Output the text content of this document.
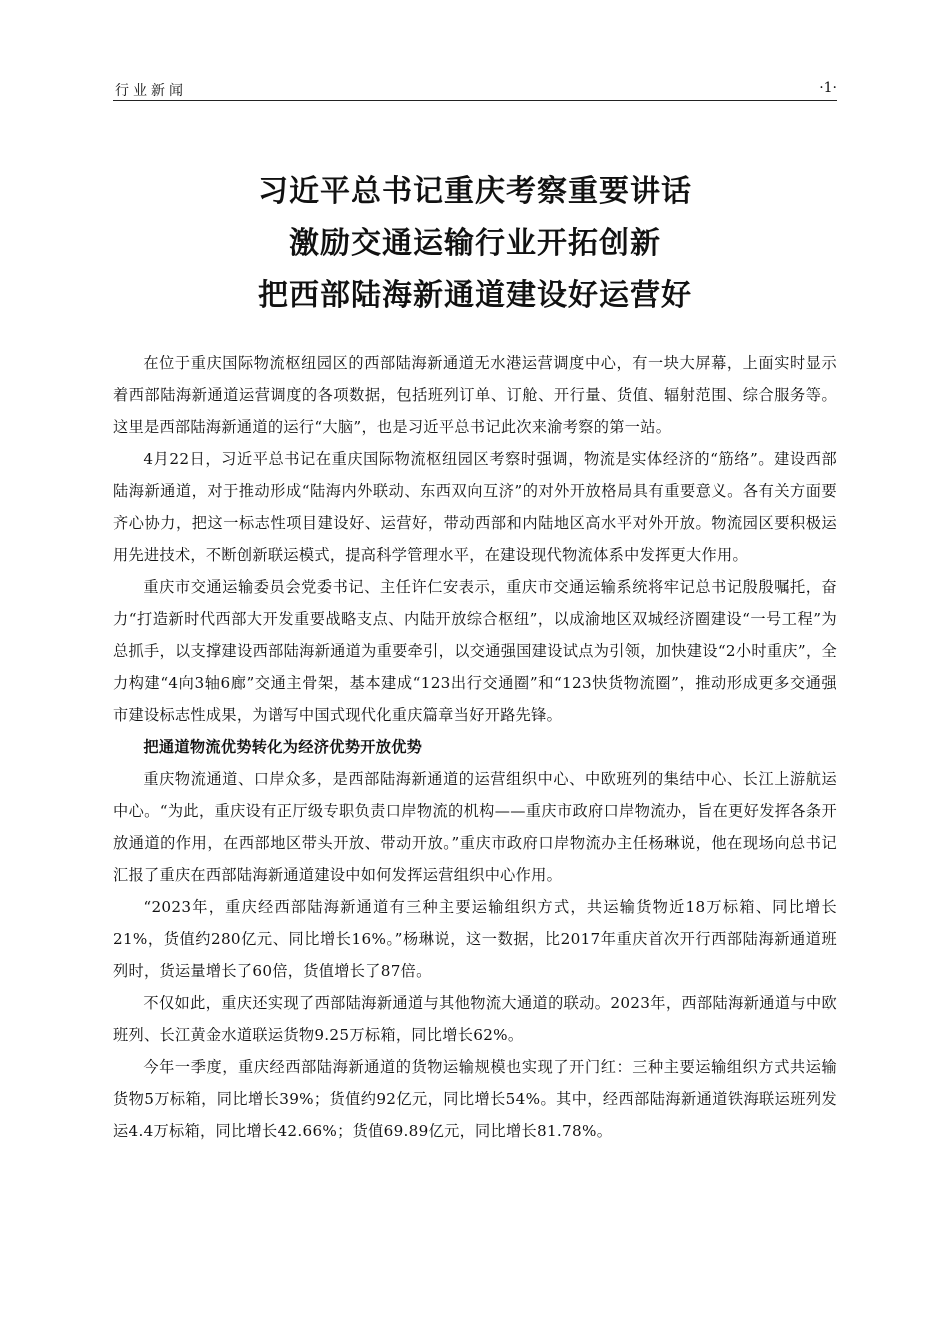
行业新闻	·1·
习近平总书记重庆考察重要讲话
激励交通运输行业开拓创新
把西部陆海新通道建设好运营好

在位于重庆国际物流枢纽园区的西部陆海新通道无水港运营调度中心，有一块大屏幕，上面实时显示着西部陆海新通道运营调度的各项数据，包括班列订单、订舱、开行量、货值、辐射范围、综合服务等。这里是西部陆海新通道的运行“大脑”，也是习近平总书记此次来渝考察的第一站。

4月22日，习近平总书记在重庆国际物流枢纽园区考察时强调，物流是实体经济的“筋络”。建设西部陆海新通道，对于推动形成“陆海内外联动、东西双向互济”的对外开放格局具有重要意义。各有关方面要齐心协力，把这一标志性项目建设好、运营好，带动西部和内陆地区高水平对外开放。物流园区要积极运用先进技术，不断创新联运模式，提高科学管理水平，在建设现代物流体系中发挥更大作用。

重庆市交通运输委员会党委书记、主任许仁安表示，重庆市交通运输系统将牢记总书记殷殷嘱托，奋力“打造新时代西部大开发重要战略支点、内陆开放综合枢纽”，以成渝地区双城经济圈建设“一号工程”为总抓手，以支撑建设西部陆海新通道为重要牵引，以交通强国建设试点为引领，加快建设“2小时重庆”，全力构建“4向3轴6廊”交通主骨架，基本建成“123出行交通圈”和“123快货物流圈”，推动形成更多交通强市建设标志性成果，为谱写中国式现代化重庆篇章当好开路先锋。

把通道物流优势转化为经济优势开放优势

重庆物流通道、口岸众多，是西部陆海新通道的运营组织中心、中欧班列的集结中心、长江上游航运中心。“为此，重庆设有正厅级专职负责口岸物流的机构——重庆市政府口岸物流办，旨在更好发挥各条开放通道的作用，在西部地区带头开放、带动开放。”重庆市政府口岸物流办主任杨琳说，他在现场向总书记汇报了重庆在西部陆海新通道建设中如何发挥运营组织中心作用。

“2023年，重庆经西部陆海新通道有三种主要运输组织方式，共运输货物近18万标箱、同比增长21%，货值约280亿元、同比增长16%。”杨琳说，这一数据，比2017年重庆首次开行西部陆海新通道班列时，货运量增长了60倍，货值增长了87倍。

不仅如此，重庆还实现了西部陆海新通道与其他物流大通道的联动。2023年，西部陆海新通道与中欧班列、长江黄金水道联运货物9.25万标箱，同比增长62%。

今年一季度，重庆经西部陆海新通道的货物运输规模也实现了开门红：三种主要运输组织方式共运输货物5万标箱，同比增长39%；货值约92亿元，同比增长54%。其中，经西部陆海新通道铁海联运班列发运4.4万标箱，同比增长42.66%；货值69.89亿元，同比增长81.78%。
